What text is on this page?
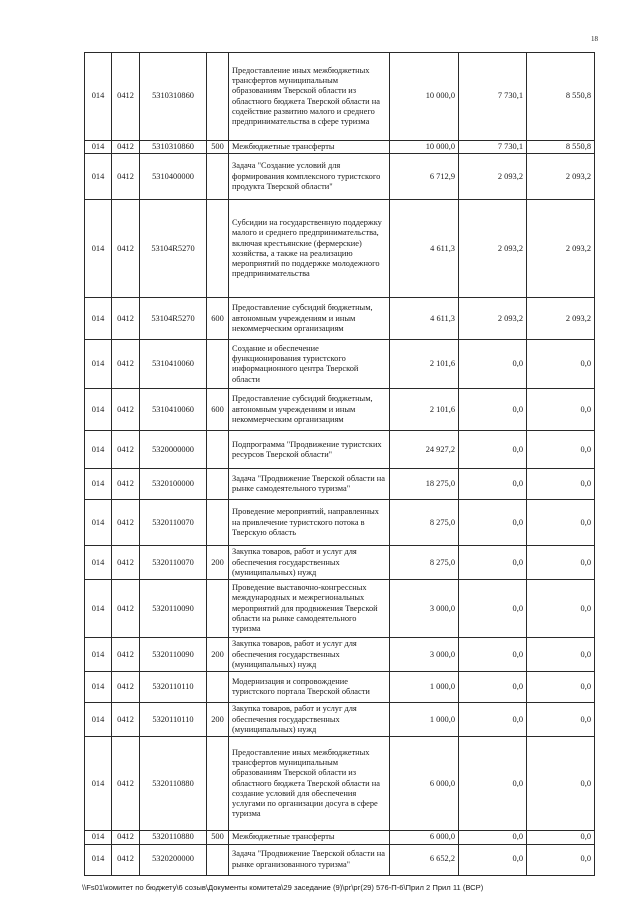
18
014	0412	5310310860		Предоставление иных межбюджетных трансфертов муниципальным образованиям Тверской области из областного бюджета Тверской области на содействие развитию малого и среднего предпринимательства в сфере туризма	10 000,0	7 730,1	8 550,8
014	0412	5310310860	500	Межбюджетные трансферты	10 000,0	7 730,1	8 550,8
014	0412	5310400000		Задача "Создание условий для формирования комплексного туристского продукта Тверской области"	6 712,9	2 093,2	2 093,2
014	0412	53104R5270		Субсидии на государственную поддержку малого и среднего предпринимательства, включая крестьянские (фермерские) хозяйства, а также на реализацию мероприятий по поддержке молодежного предпринимательства	4 611,3	2 093,2	2 093,2
014	0412	53104R5270	600	Предоставление субсидий бюджетным, автономным учреждениям и иным некоммерческим организациям	4 611,3	2 093,2	2 093,2
014	0412	5310410060		Создание и обеспечение функционирования туристского информационного центра Тверской области	2 101,6	0,0	0,0
014	0412	5310410060	600	Предоставление субсидий бюджетным, автономным учреждениям и иным некоммерческим организациям	2 101,6	0,0	0,0
014	0412	5320000000		Подпрограмма "Продвижение туристских ресурсов Тверской области"	24 927,2	0,0	0,0
014	0412	5320100000		Задача "Продвижение Тверской области на рынке самодеятельного туризма"	18 275,0	0,0	0,0
014	0412	5320110070		Проведение мероприятий, направленных на привлечение туристского потока в Тверскую область	8 275,0	0,0	0,0
014	0412	5320110070	200	Закупка товаров, работ и услуг для обеспечения государственных (муниципальных) нужд	8 275,0	0,0	0,0
014	0412	5320110090		Проведение выставочно-конгрессных международных и межрегиональных мероприятий для продвижения Тверской области на рынке самодеятельного туризма	3 000,0	0,0	0,0
014	0412	5320110090	200	Закупка товаров, работ и услуг для обеспечения государственных (муниципальных) нужд	3 000,0	0,0	0,0
014	0412	5320110110		Модернизация и сопровождение туристского портала Тверской области	1 000,0	0,0	0,0
014	0412	5320110110	200	Закупка товаров, работ и услуг для обеспечения государственных (муниципальных) нужд	1 000,0	0,0	0,0
014	0412	5320110880		Предоставление иных межбюджетных трансфертов муниципальным образованиям Тверской области из областного бюджета Тверской области на создание условий для обеспечения услугами по организации досуга в сфере туризма	6 000,0	0,0	0,0
014	0412	5320110880	500	Межбюджетные трансферты	6 000,0	0,0	0,0
014	0412	5320200000		Задача "Продвижение Тверской области на рынке организованного туризма"	6 652,2	0,0	0,0
\\Fs01\комитет по бюджету\6 созыв\Документы комитета\29 заседание (9)\рг\рг(29) 576-П-6\Прил 2 Прил 11 (ВСР)
